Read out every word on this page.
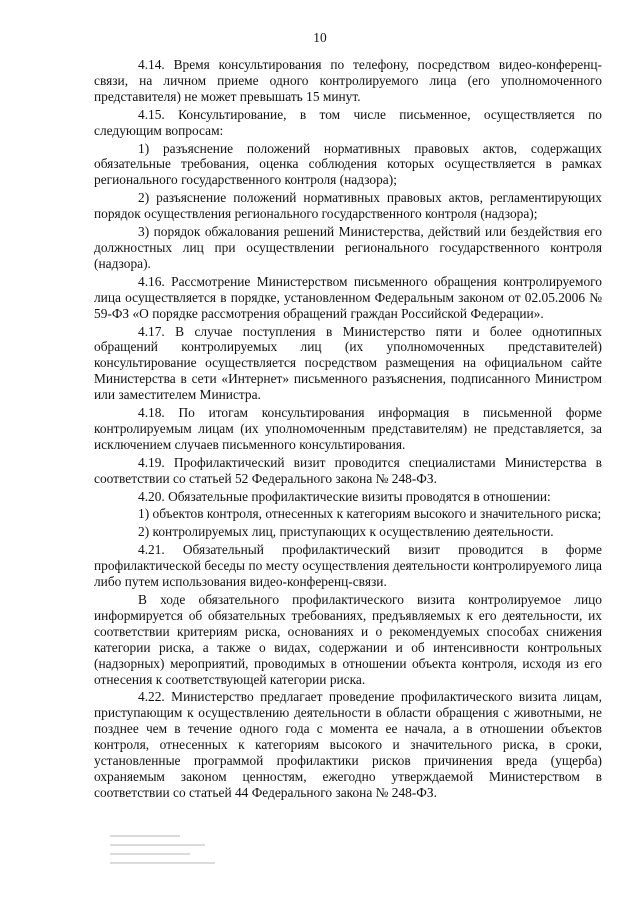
10

4.14. Время консультирования по телефону, посредством видео-конференц-связи, на личном приеме одного контролируемого лица (его уполномоченного представителя) не может превышать 15 минут.

4.15. Консультирование, в том числе письменное, осуществляется по следующим вопросам:

1) разъяснение положений нормативных правовых актов, содержащих обязательные требования, оценка соблюдения которых осуществляется в рамках регионального государственного контроля (надзора);

2) разъяснение положений нормативных правовых актов, регламентирующих порядок осуществления регионального государственного контроля (надзора);

3) порядок обжалования решений Министерства, действий или бездействия его должностных лиц при осуществлении регионального государственного контроля (надзора).

4.16. Рассмотрение Министерством письменного обращения контролируемого лица осуществляется в порядке, установленном Федеральным законом от 02.05.2006 № 59-ФЗ «О порядке рассмотрения обращений граждан Российской Федерации».

4.17. В случае поступления в Министерство пяти и более однотипных обращений контролируемых лиц (их уполномоченных представителей) консультирование осуществляется посредством размещения на официальном сайте Министерства в сети «Интернет» письменного разъяснения, подписанного Министром или заместителем Министра.

4.18. По итогам консультирования информация в письменной форме контролируемым лицам (их уполномоченным представителям) не представляется, за исключением случаев письменного консультирования.

4.19. Профилактический визит проводится специалистами Министерства в соответствии со статьей 52 Федерального закона № 248-ФЗ.

4.20. Обязательные профилактические визиты проводятся в отношении:

1) объектов контроля, отнесенных к категориям высокого и значительного риска;

2) контролируемых лиц, приступающих к осуществлению деятельности.

4.21. Обязательный профилактический визит проводится в форме профилактической беседы по месту осуществления деятельности контролируемого лица либо путем использования видео-конференц-связи.

В ходе обязательного профилактического визита контролируемое лицо информируется об обязательных требованиях, предъявляемых к его деятельности, их соответствии критериям риска, основаниях и о рекомендуемых способах снижения категории риска, а также о видах, содержании и об интенсивности контрольных (надзорных) мероприятий, проводимых в отношении объекта контроля, исходя из его отнесения к соответствующей категории риска.

4.22. Министерство предлагает проведение профилактического визита лицам, приступающим к осуществлению деятельности в области обращения с животными, не позднее чем в течение одного года с момента ее начала, а в отношении объектов контроля, отнесенных к категориям высокого и значительного риска, в сроки, установленные программой профилактики рисков причинения вреда (ущерба) охраняемым законом ценностям, ежегодно утверждаемой Министерством в соответствии со статьей 44 Федерального закона № 248-ФЗ.
